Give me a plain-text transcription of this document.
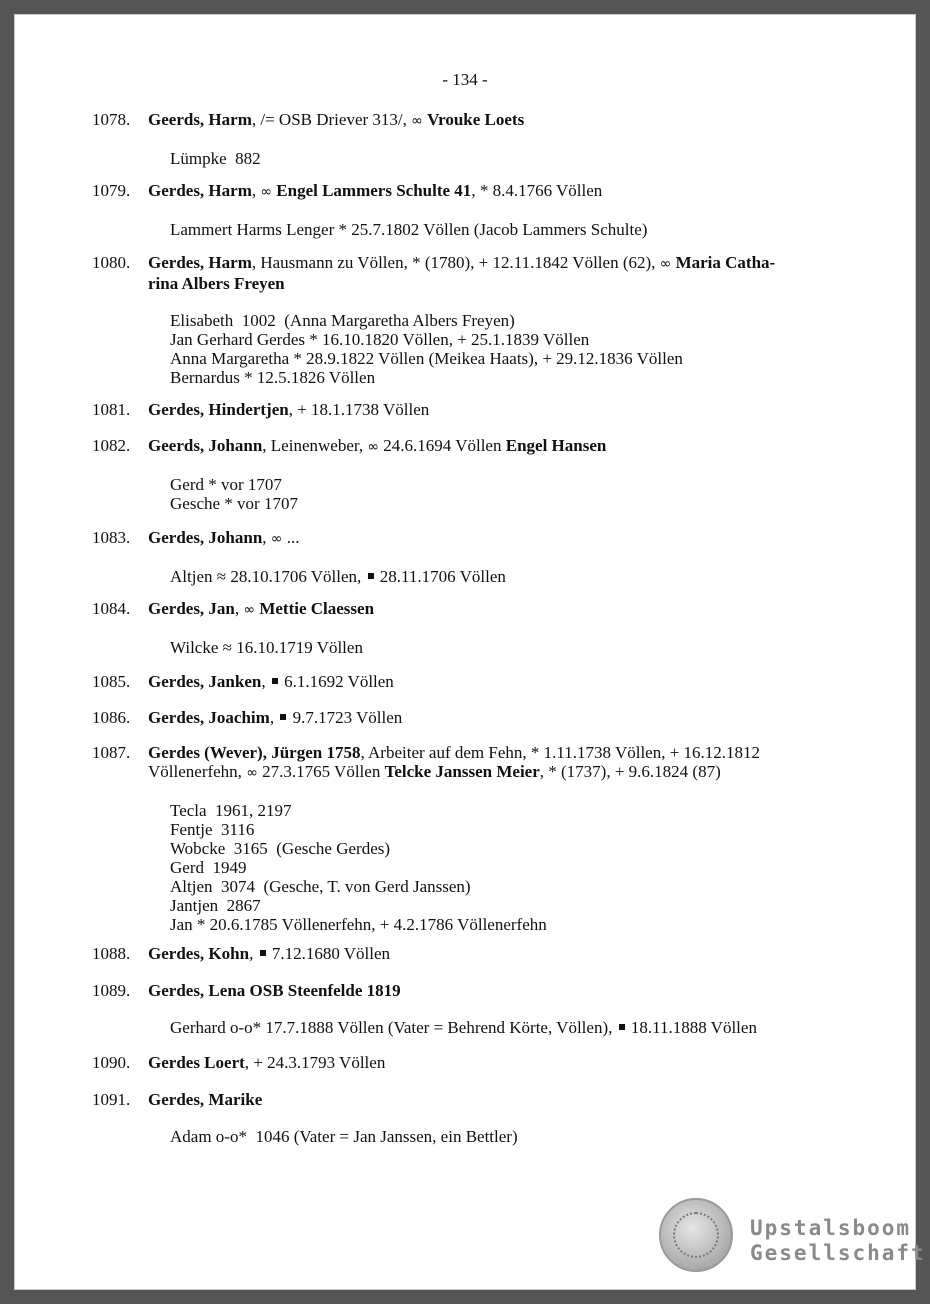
- 134 -
1078.	Geerds, Harm, /= OSB Driever 313/, ∞ Vrouke Loets
Lümpke  882
1079.	Gerdes, Harm, ∞ Engel Lammers Schulte 41, * 8.4.1766 Völlen
Lammert Harms Lenger * 25.7.1802 Völlen (Jacob Lammers Schulte)
1080.	Gerdes, Harm, Hausmann zu Völlen, * (1780), + 12.11.1842 Völlen (62), ∞ Maria Catha-
rina Albers Freyen
Elisabeth  1002  (Anna Margaretha Albers Freyen)
Jan Gerhard Gerdes * 16.10.1820 Völlen, + 25.1.1839 Völlen
Anna Margaretha * 28.9.1822 Völlen (Meikea Haats), + 29.12.1836 Völlen
Bernardus * 12.5.1826 Völlen
1081.	Gerdes, Hindertjen, + 18.1.1738 Völlen
1082.	Geerds, Johann, Leinenweber, ∞ 24.6.1694 Völlen Engel Hansen
Gerd * vor 1707
Gesche * vor 1707
1083.	Gerdes, Johann, ∞ ...
Altjen ≈ 28.10.1706 Völlen,  28.11.1706 Völlen
1084.	Gerdes, Jan, ∞ Mettie Claessen
Wilcke ≈ 16.10.1719 Völlen
1085.	Gerdes, Janken,  6.1.1692 Völlen
1086.	Gerdes, Joachim,  9.7.1723 Völlen
1087.	Gerdes (Wever), Jürgen 1758, Arbeiter auf dem Fehn, * 1.11.1738 Völlen, + 16.12.1812
Völlenerfehn, ∞ 27.3.1765 Völlen Telcke Janssen Meier, * (1737), + 9.6.1824 (87)
Tecla  1961, 2197
Fentje  3116
Wobcke  3165  (Gesche Gerdes)
Gerd  1949
Altjen  3074  (Gesche, T. von Gerd Janssen)
Jantjen  2867
Jan * 20.6.1785 Völlenerfehn, + 4.2.1786 Völlenerfehn
1088.	Gerdes, Kohn,  7.12.1680 Völlen
1089.	Gerdes, Lena OSB Steenfelde 1819
Gerhard o-o* 17.7.1888 Völlen (Vater = Behrend Körte, Völlen),  18.11.1888 Völlen
1090.	Gerdes Loert, + 24.3.1793 Völlen
1091.	Gerdes, Marike
Adam o-o*  1046 (Vater = Jan Janssen, ein Bettler)
Upstalsboom
Gesellschaft
